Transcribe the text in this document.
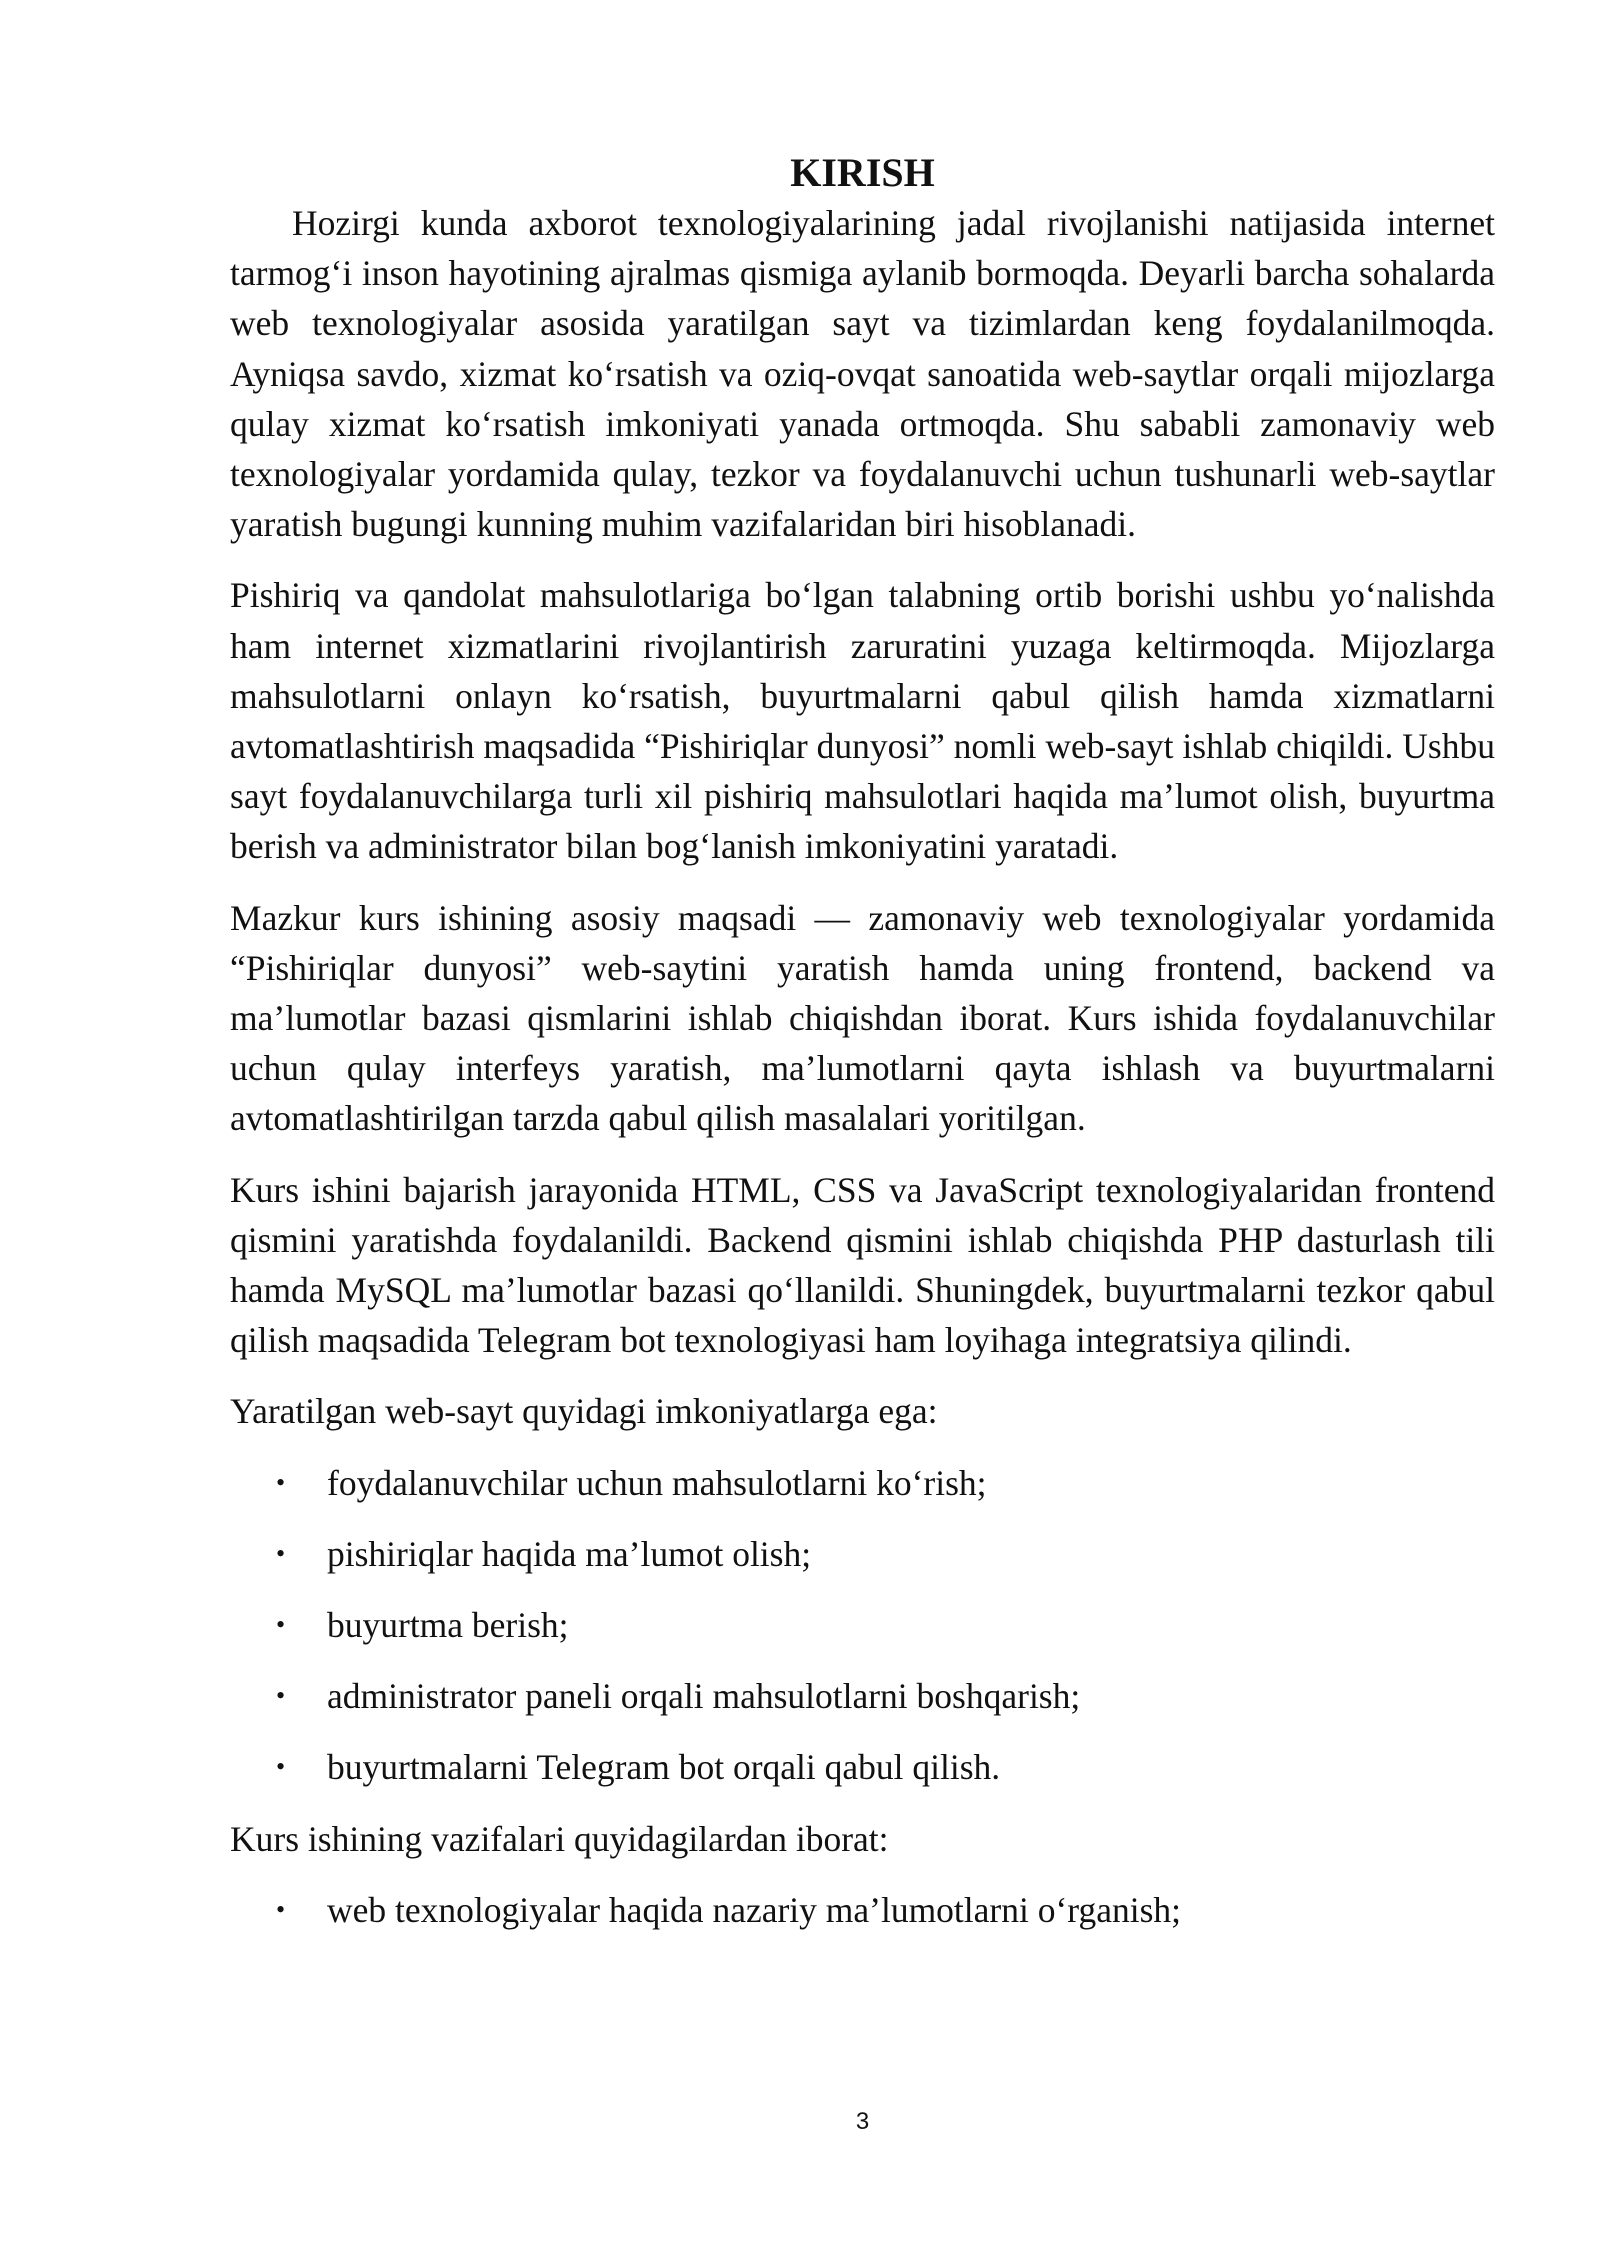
KIRISH

Hozirgi kunda axborot texnologiyalarining jadal rivojlanishi natijasida internet tarmog‘i inson hayotining ajralmas qismiga aylanib bormoqda. Deyarli barcha sohalarda web texnologiyalar asosida yaratilgan sayt va tizimlardan keng foydalanilmoqda. Ayniqsa savdo, xizmat ko‘rsatish va oziq-ovqat sanoatida web-saytlar orqali mijozlarga qulay xizmat ko‘rsatish imkoniyati yanada ortmoqda. Shu sababli zamonaviy web texnologiyalar yordamida qulay, tezkor va foydalanuvchi uchun tushunarli web-saytlar yaratish bugungi kunning muhim vazifalaridan biri hisoblanadi.

Pishiriq va qandolat mahsulotlariga bo‘lgan talabning ortib borishi ushbu yo‘nalishda ham internet xizmatlarini rivojlantirish zaruratini yuzaga keltirmoqda. Mijozlarga mahsulotlarni onlayn ko‘rsatish, buyurtmalarni qabul qilish hamda xizmatlarni avtomatlashtirish maqsadida “Pishiriqlar dunyosi” nomli web-sayt ishlab chiqildi. Ushbu sayt foydalanuvchilarga turli xil pishiriq mahsulotlari haqida ma’lumot olish, buyurtma berish va administrator bilan bog‘lanish imkoniyatini yaratadi.

Mazkur kurs ishining asosiy maqsadi — zamonaviy web texnologiyalar yordamida “Pishiriqlar dunyosi” web-saytini yaratish hamda uning frontend, backend va ma’lumotlar bazasi qismlarini ishlab chiqishdan iborat. Kurs ishida foydalanuvchilar uchun qulay interfeys yaratish, ma’lumotlarni qayta ishlash va buyurtmalarni avtomatlashtirilgan tarzda qabul qilish masalalari yoritilgan.

Kurs ishini bajarish jarayonida HTML, CSS va JavaScript texnologiyalaridan frontend qismini yaratishda foydalanildi. Backend qismini ishlab chiqishda PHP dasturlash tili hamda MySQL ma’lumotlar bazasi qo‘llanildi. Shuningdek, buyurtmalarni tezkor qabul qilish maqsadida Telegram bot texnologiyasi ham loyihaga integratsiya qilindi.

Yaratilgan web-sayt quyidagi imkoniyatlarga ega:

• foydalanuvchilar uchun mahsulotlarni ko‘rish;
• pishiriqlar haqida ma’lumot olish;
• buyurtma berish;
• administrator paneli orqali mahsulotlarni boshqarish;
• buyurtmalarni Telegram bot orqali qabul qilish.

Kurs ishining vazifalari quyidagilardan iborat:

• web texnologiyalar haqida nazariy ma’lumotlarni o‘rganish;
3
